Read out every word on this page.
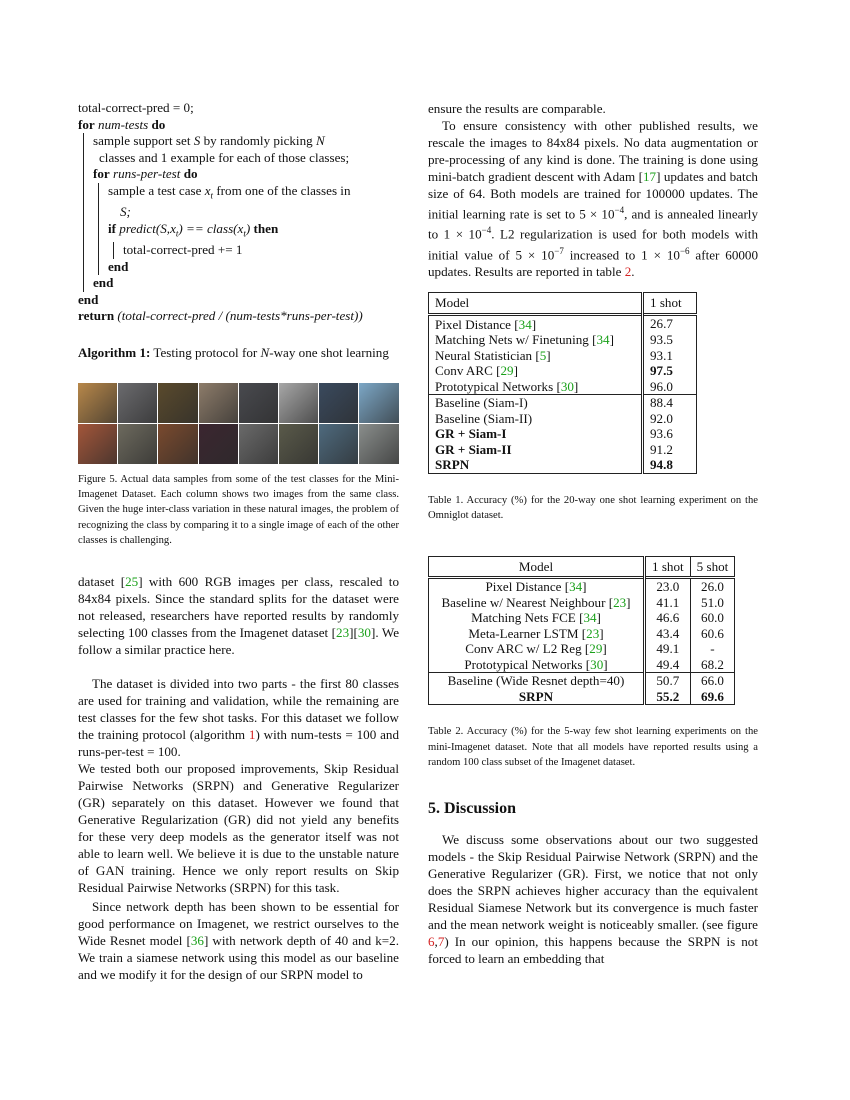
total-correct-pred = 0;
for num-tests do
sample support set S by randomly picking N
classes and 1 example for each of those classes;
for runs-per-test do
sample a test case $x_t$ from one of the classes in
S;
if $predict(S,x_t)$ == $class(x_t)$ then
total-correct-pred += 1
end
end
end
return (total-correct-pred / (num-tests*runs-per-test))
Algorithm 1: Testing protocol for N-way one shot learning
Figure 5. Actual data samples from some of the test classes for the Mini-Imagenet Dataset. Each column shows two images from the same class. Given the huge inter-class variation in these natural images, the problem of recognizing the class by comparing it to a single image of each of the other classes is challenging.

dataset [25] with 600 RGB images per class, rescaled to 84x84 pixels. Since the standard splits for the dataset were not released, researchers have reported results by randomly selecting 100 classes from the Imagenet dataset [23][30]. We follow a similar practice here.

The dataset is divided into two parts - the first 80 classes are used for training and validation, while the remaining are test classes for the few shot tasks. For this dataset we follow the training protocol (algorithm 1) with num-tests = 100 and runs-per-test = 100.

We tested both our proposed improvements, Skip Residual Pairwise Networks (SRPN) and Generative Regularizer (GR) separately on this dataset. However we found that Generative Regularization (GR) did not yield any benefits for these very deep models as the generator itself was not able to learn well. We believe it is due to the unstable nature of GAN training. Hence we only report results on Skip Residual Pairwise Networks (SRPN) for this task.

Since network depth has been shown to be essential for good performance on Imagenet, we restrict ourselves to the Wide Resnet model [36] with network depth of 40 and k=2. We train a siamese network using this model as our baseline and we modify it for the design of our SRPN model to

ensure the results are comparable.

To ensure consistency with other published results, we rescale the images to 84x84 pixels. No data augmentation or pre-processing of any kind is done. The training is done using mini-batch gradient descent with Adam [17] updates and batch size of 64. Both models are trained for 100000 updates. The initial learning rate is set to $5 \times 10^{-4}$, and is annealed linearly to $1 \times 10^{-4}$. L2 regularization is used for both models with initial value of $5 \times 10^{-7}$ increased to $1 \times 10^{-6}$ after 60000 updates. Results are reported in table 2.

Model	1 shot
Pixel Distance [34]	26.7
Matching Nets w/ Finetuning [34]	93.5
Neural Statistician [5]	93.1
Conv ARC [29]	97.5
Prototypical Networks [30]	96.0
Baseline (Siam-I)	88.4
Baseline (Siam-II)	92.0
GR + Siam-I	93.6
GR + Siam-II	91.2
SRPN	94.8
Table 1. Accuracy (%) for the 20-way one shot learning experiment on the Omniglot dataset.
Model	1 shot	5 shot
Pixel Distance [34]	23.0	26.0
Baseline w/ Nearest Neighbour [23]	41.1	51.0
Matching Nets FCE [34]	46.6	60.0
Meta-Learner LSTM [23]	43.4	60.6
Conv ARC w/ L2 Reg [29]	49.1	-
Prototypical Networks [30]	49.4	68.2
Baseline (Wide Resnet depth=40)	50.7	66.0
SRPN	55.2	69.6
Table 2. Accuracy (%) for the 5-way few shot learning experiments on the mini-Imagenet dataset. Note that all models have reported results using a random 100 class subset of the Imagenet dataset.
5. Discussion

We discuss some observations about our two suggested models - the Skip Residual Pairwise Network (SRPN) and the Generative Regularizer (GR). First, we notice that not only does the SRPN achieves higher accuracy than the equivalent Residual Siamese Network but its convergence is much faster and the mean network weight is noticeably smaller. (see figure 6,7) In our opinion, this happens because the SRPN is not forced to learn an embedding that
